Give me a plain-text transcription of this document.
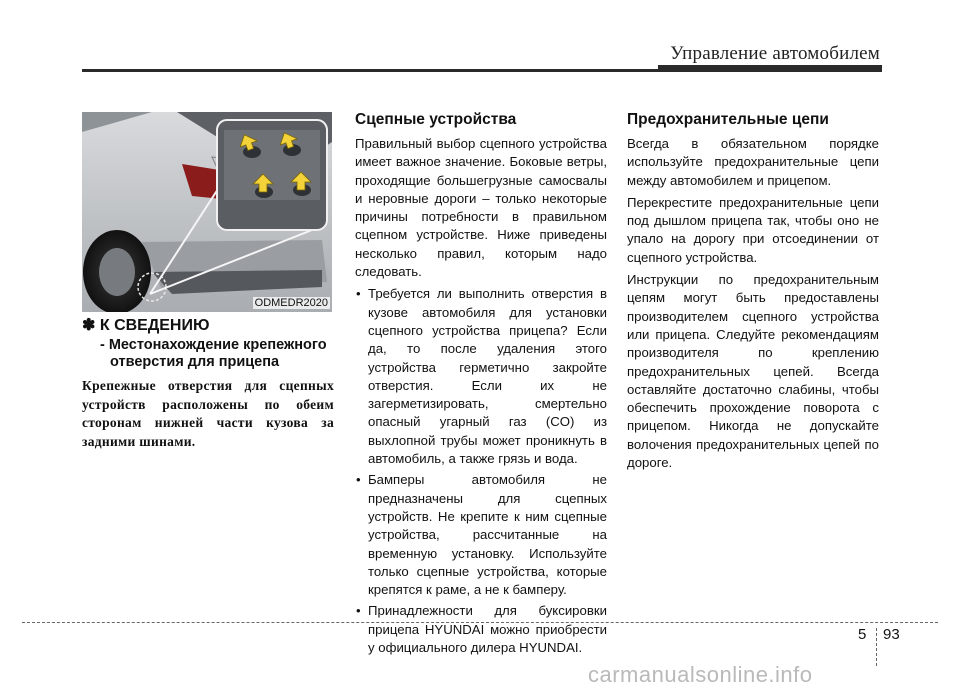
Управление автомобилем
ODMEDR2020
✽ К СВЕДЕНИЮ
- Местонахождение крепежного отверстия для прицепа
Крепежные отверстия для сцепных устройств расположены по обеим сторонам нижней части кузова за задними шинами.
Сцепные устройства

Правильный выбор сцепного устройства имеет важное значение. Боковые ветры, проходящие большегрузные самосвалы и неровные дороги – только некоторые причины потребности в правильном сцепном устройстве. Ниже приведены несколько правил, которым надо следовать.

• Требуется ли выполнить отверстия в кузове автомобиля для установки сцепного устройства прицепа? Если да, то после удаления этого устройства герметично закройте отверстия. Если их не загерметизировать, смертельно опасный угарный газ (CO) из выхлопной трубы может проникнуть в автомобиль, а также грязь и вода.
• Бамперы автомобиля не предназначены для сцепных устройств. Не крепите к ним сцепные устройства, рассчитанные на временную установку. Используйте только сцепные устройства, которые крепятся к раме, а не к бамперу.
• Принадлежности для буксировки прицепа HYUNDAI можно приобрести у официального дилера HYUNDAI.
Предохранительные цепи

Всегда в обязательном порядке используйте предохранительные цепи между автомобилем и прицепом.

Перекрестите предохранительные цепи под дышлом прицепа так, чтобы оно не упало на дорогу при отсоединении от сцепного устройства.

Инструкции по предохранительным цепям могут быть предоставлены производителем сцепного устройства или прицепа. Следуйте рекомендациям производителя по креплению предохранительных цепей. Всегда оставляйте достаточно слабины, чтобы обеспечить прохождение поворота с прицепом. Никогда не допускайте волочения предохранительных цепей по дороге.

5 93
carmanualsonline.info
